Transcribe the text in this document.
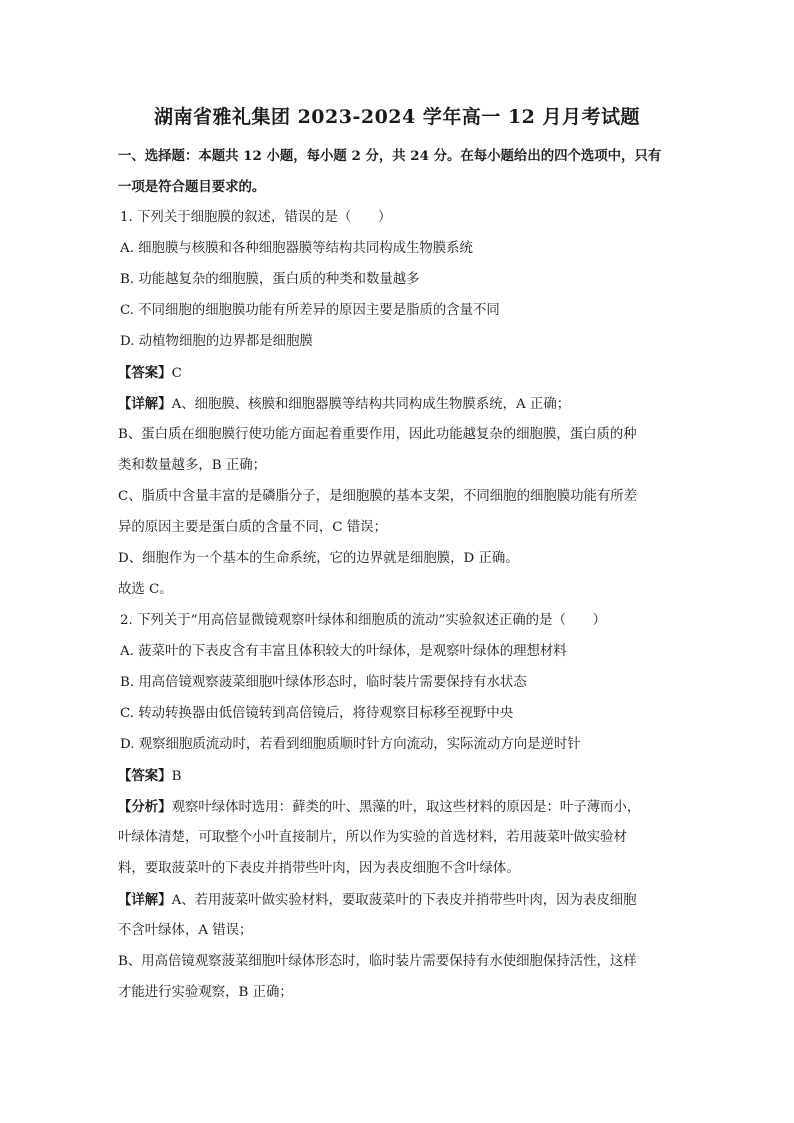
湖南省雅礼集团 2023-2024 学年高一 12 月月考试题
一、选择题：本题共 12 小题，每小题 2 分，共 24 分。在每小题给出的四个选项中，只有
一项是符合题目要求的。
1. 下列关于细胞膜的叙述，错误的是（　　）
A. 细胞膜与核膜和各种细胞器膜等结构共同构成生物膜系统
B. 功能越复杂的细胞膜，蛋白质的种类和数量越多
C. 不同细胞的细胞膜功能有所差异的原因主要是脂质的含量不同
D. 动植物细胞的边界都是细胞膜
【答案】C
【详解】A、细胞膜、核膜和细胞器膜等结构共同构成生物膜系统，A 正确；
B、蛋白质在细胞膜行使功能方面起着重要作用，因此功能越复杂的细胞膜，蛋白质的种
类和数量越多，B 正确；
C、脂质中含量丰富的是磷脂分子，是细胞膜的基本支架，不同细胞的细胞膜功能有所差
异的原因主要是蛋白质的含量不同，C 错误；
D、细胞作为一个基本的生命系统，它的边界就是细胞膜，D 正确。
故选 C。
2. 下列关于“用高倍显微镜观察叶绿体和细胞质的流动”实验叙述正确的是（　　）
A. 菠菜叶的下表皮含有丰富且体积较大的叶绿体，是观察叶绿体的理想材料
B. 用高倍镜观察菠菜细胞叶绿体形态时，临时装片需要保持有水状态
C. 转动转换器由低倍镜转到高倍镜后，将待观察目标移至视野中央
D. 观察细胞质流动时，若看到细胞质顺时针方向流动，实际流动方向是逆时针
【答案】B
【分析】观察叶绿体时选用：藓类的叶、黑藻的叶，取这些材料的原因是：叶子薄而小，
叶绿体清楚，可取整个小叶直接制片，所以作为实验的首选材料，若用菠菜叶做实验材
料，要取菠菜叶的下表皮并捎带些叶肉，因为表皮细胞不含叶绿体。
【详解】A、若用菠菜叶做实验材料，要取菠菜叶的下表皮并捎带些叶肉，因为表皮细胞
不含叶绿体，A 错误；
B、用高倍镜观察菠菜细胞叶绿体形态时，临时装片需要保持有水使细胞保持活性，这样
才能进行实验观察，B 正确；
